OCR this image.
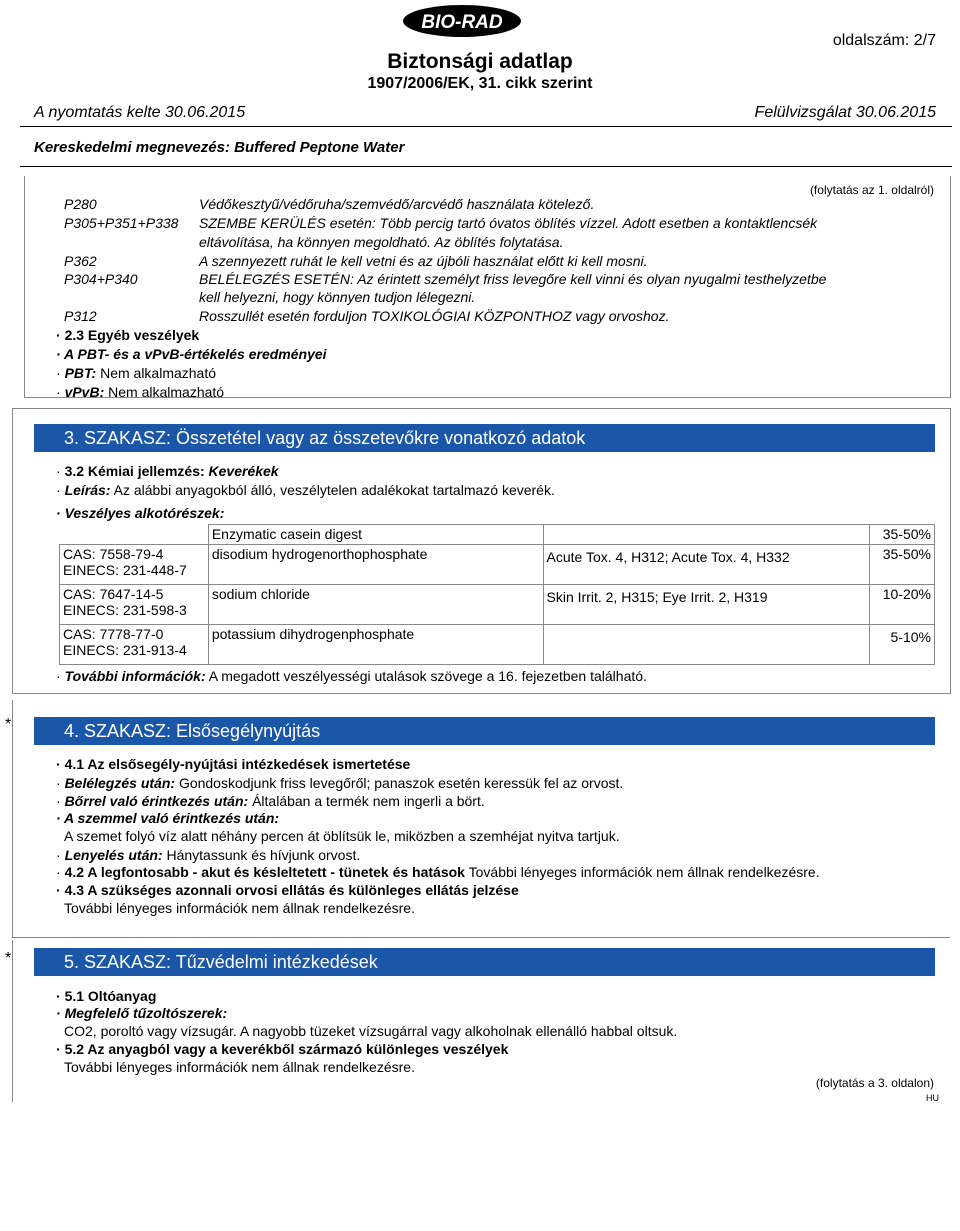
BIO-RAD
oldalszám: 2/7
Biztonsági adatlap
1907/2006/EK, 31. cikk szerint
A nyomtatás kelte 30.06.2015	Felülvizsgálat 30.06.2015
Kereskedelmi megnevezés: Buffered Peptone Water
(folytatás az 1. oldalról)
P280	Védőkesztyű/védőruha/szemvédő/arcvédő használata kötelező.
P305+P351+P338 SZEMBE KERÜLÉS esetén: Több percig tartó óvatos öblítés vízzel. Adott esetben a kontaktlencsék
eltávolítása, ha könnyen megoldható. Az öblítés folytatása.
P362	A szennyezett ruhát le kell vetni és az újbóli használat előtt ki kell mosni.
P304+P340	BELÉLEGZÉS ESETÉN: Az érintett személyt friss levegőre kell vinni és olyan nyugalmi testhelyzetbe
kell helyezni, hogy könnyen tudjon lélegezni.
P312	Rosszullét esetén forduljon TOXIKOLÓGIAI KÖZPONTHOZ vagy orvoshoz.
· 2.3 Egyéb veszélyek
· A PBT- és a vPvB-értékelés eredményei
· PBT: Nem alkalmazható
· vPvB: Nem alkalmazható
3. SZAKASZ: Összetétel vagy az összetevőkre vonatkozó adatok
· 3.2 Kémiai jellemzés: Keverékek
· Leírás: Az alábbi anyagokból álló, veszélytelen adalékokat tartalmazó keverék.
· Veszélyes alkotórészek:
	Enzymatic casein digest		35-50%

CAS: 7558-79-4
EINECS: 231-448-7	disodium hydrogenorthophosphate	Acute Tox. 4, H312; Acute Tox. 4, H332	35-50%

CAS: 7647-14-5
EINECS: 231-598-3	sodium chloride	Skin Irrit. 2, H315; Eye Irrit. 2, H319	10-20%

CAS: 7778-77-0
EINECS: 231-913-4	potassium dihydrogenphosphate		5-10%
· További információk: A megadott veszélyességi utalások szövege a 16. fejezetben található.
*	4. SZAKASZ: Elsősegélynyújtás
· 4.1 Az elsősegély-nyújtási intézkedések ismertetése
· Belélegzés után: Gondoskodjunk friss levegőről; panaszok esetén keressük fel az orvost.
· Bőrrel való érintkezés után: Általában a termék nem ingerli a bört.
· A szemmel való érintkezés után:
A szemet folyó víz alatt néhány percen át öblítsük le, miközben a szemhéjat nyitva tartjuk.
· Lenyelés után: Hánytassunk és hívjunk orvost.
· 4.2 A legfontosabb - akut és késleltetett - tünetek és hatások További lényeges információk nem állnak rendelkezésre.
· 4.3 A szükséges azonnali orvosi ellátás és különleges ellátás jelzése
További lényeges információk nem állnak rendelkezésre.
*	5. SZAKASZ: Tűzvédelmi intézkedések
· 5.1 Oltóanyag
· Megfelelő tűzoltószerek:
CO2, poroltó vagy vízsugár. A nagyobb tüzeket vízsugárral vagy alkoholnak ellenálló habbal oltsuk.
· 5.2 Az anyagból vagy a keverékből származó különleges veszélyek
További lényeges információk nem állnak rendelkezésre.
(folytatás a 3. oldalon)
HU
